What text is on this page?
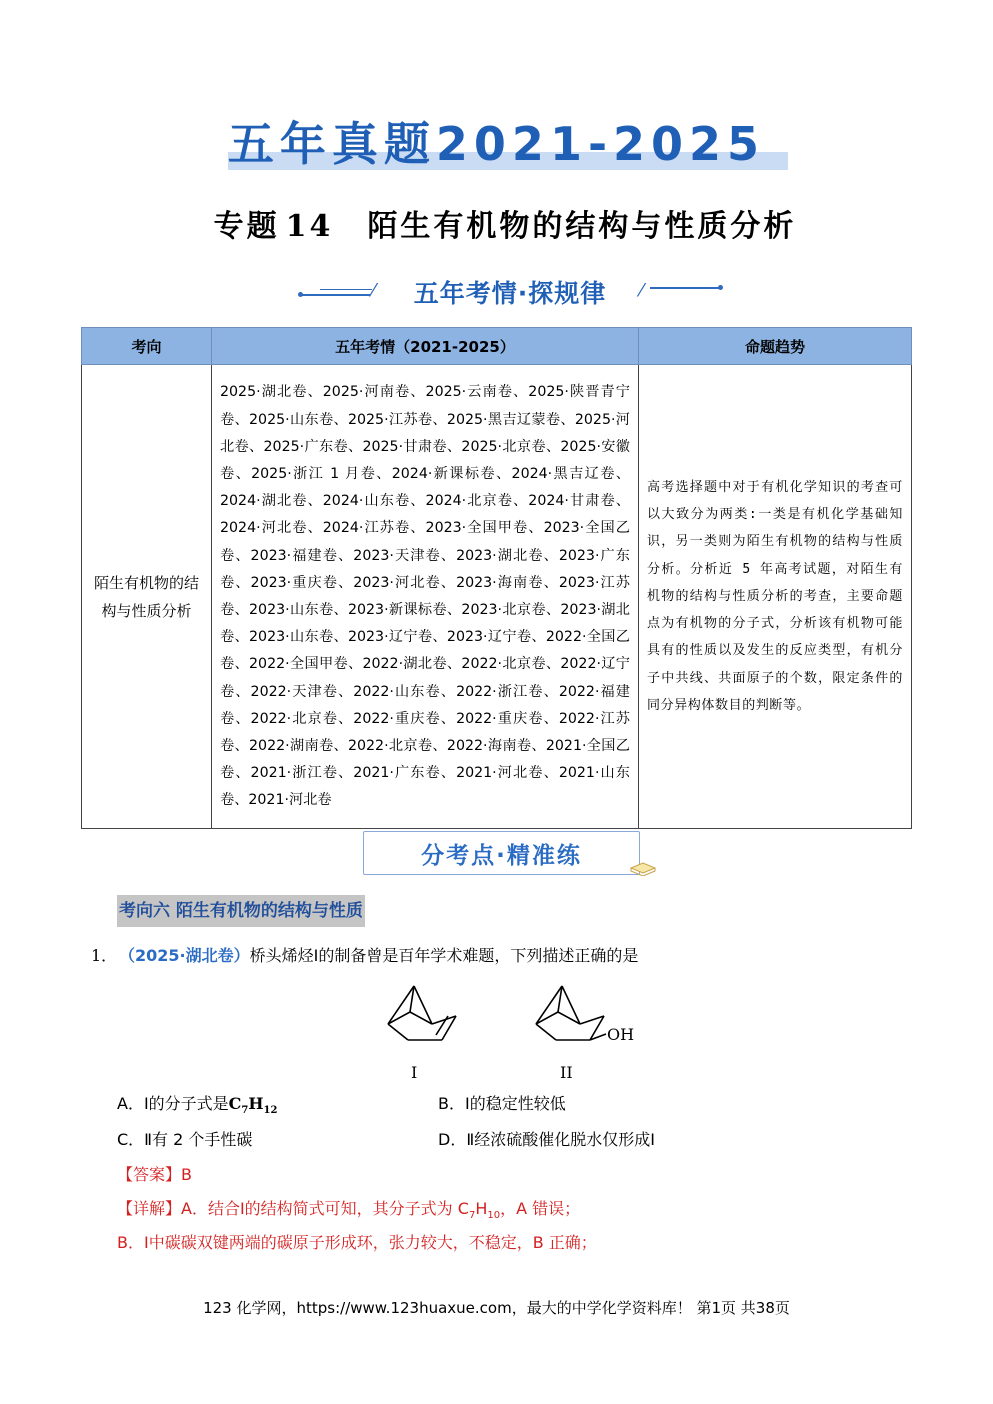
五年真题2021-2025
专题 14 陌生有机物的结构与性质分析
⁄	⁄
五年考情·探规律
考向	五年考情（2021-2025）	命题趋势
陌生有机物的结构与性质分析	2025·湖北卷、2025·河南卷、2025·云南卷、2025·陕晋青宁卷、2025·山东卷、2025·江苏卷、2025·黑吉辽蒙卷、2025·河北卷、2025·广东卷、2025·甘肃卷、2025·北京卷、2025·安徽卷、2025·浙江 1 月卷、2024·新课标卷、2024·黑吉辽卷、2024·湖北卷、2024·山东卷、2024·北京卷、2024·甘肃卷、2024·河北卷、2024·江苏卷、2023·全国甲卷、2023·全国乙卷、2023·福建卷、2023·天津卷、2023·湖北卷、2023·广东卷、2023·重庆卷、2023·河北卷、2023·海南卷、2023·江苏卷、2023·山东卷、2023·新课标卷、2023·北京卷、2023·湖北卷、2023·山东卷、2023·辽宁卷、2023·辽宁卷、2022·全国乙卷、2022·全国甲卷、2022·湖北卷、2022·北京卷、2022·辽宁卷、2022·天津卷、2022·山东卷、2022·浙江卷、2022·福建卷、2022·北京卷、2022·重庆卷、2022·重庆卷、2022·江苏卷、2022·湖南卷、2022·北京卷、2022·海南卷、2021·全国乙卷、2021·浙江卷、2021·广东卷、2021·河北卷、2021·山东卷、2021·河北卷	高考选择题中对于有机化学知识的考查可以大致分为两类:一类是有机化学基础知识，另一类则为陌生有机物的结构与性质分析。分析近 5 年高考试题，对陌生有机物的结构与性质分析的考查，主要命题点为有机物的分子式，分析该有机物可能具有的性质以及发生的反应类型，有机分子中共线、共面原子的个数，限定条件的同分异构体数目的判断等。
分考点·精准练
考向六 陌生有机物的结构与性质
1． （2025·湖北卷）桥头烯烃Ⅰ的制备曾是百年学术难题，下列描述正确的是
OH
I	II
A．Ⅰ的分子式是$C_7H_{12}$	B．Ⅰ的稳定性较低
C．Ⅱ有 2 个手性碳	D．Ⅱ经浓硫酸催化脱水仅形成Ⅰ
【答案】B
【详解】A．结合Ⅰ的结构简式可知，其分子式为 $C_7H_{10}$，A 错误；
B．Ⅰ中碳碳双键两端的碳原子形成环，张力较大，不稳定，B 正确；
123 化学网，https://www.123huaxue.com，最大的中学化学资料库！ 第1页 共38页
